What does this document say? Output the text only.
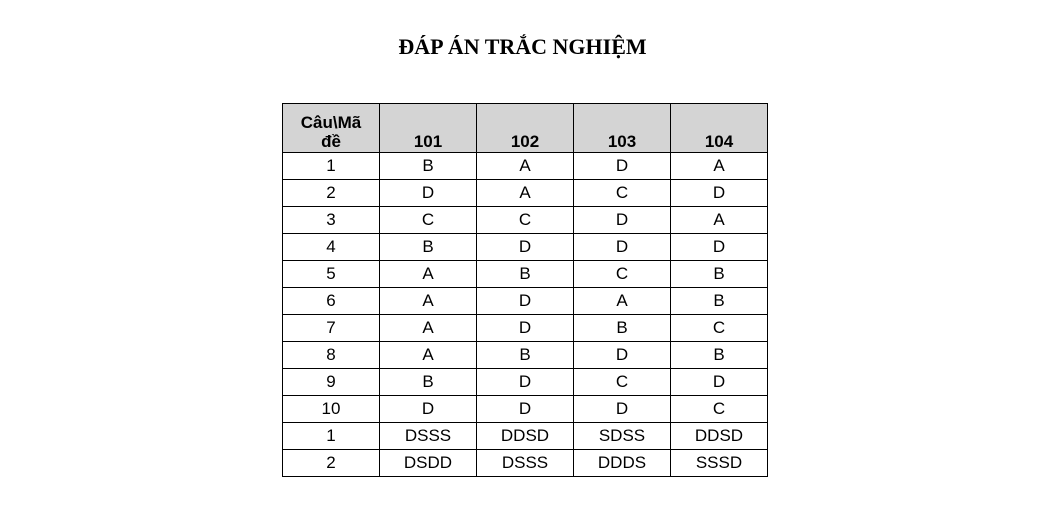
ĐÁP ÁN TRẮC NGHIỆM
Câu\Mã
đề	101	102	103	104
1	B	A	D	A
2	D	A	C	D
3	C	C	D	A
4	B	D	D	D
5	A	B	C	B
6	A	D	A	B
7	A	D	B	C
8	A	B	D	B
9	B	D	C	D
10	D	D	D	C
1	DSSS	DDSD	SDSS	DDSD
2	DSDD	DSSS	DDDS	SSSD
